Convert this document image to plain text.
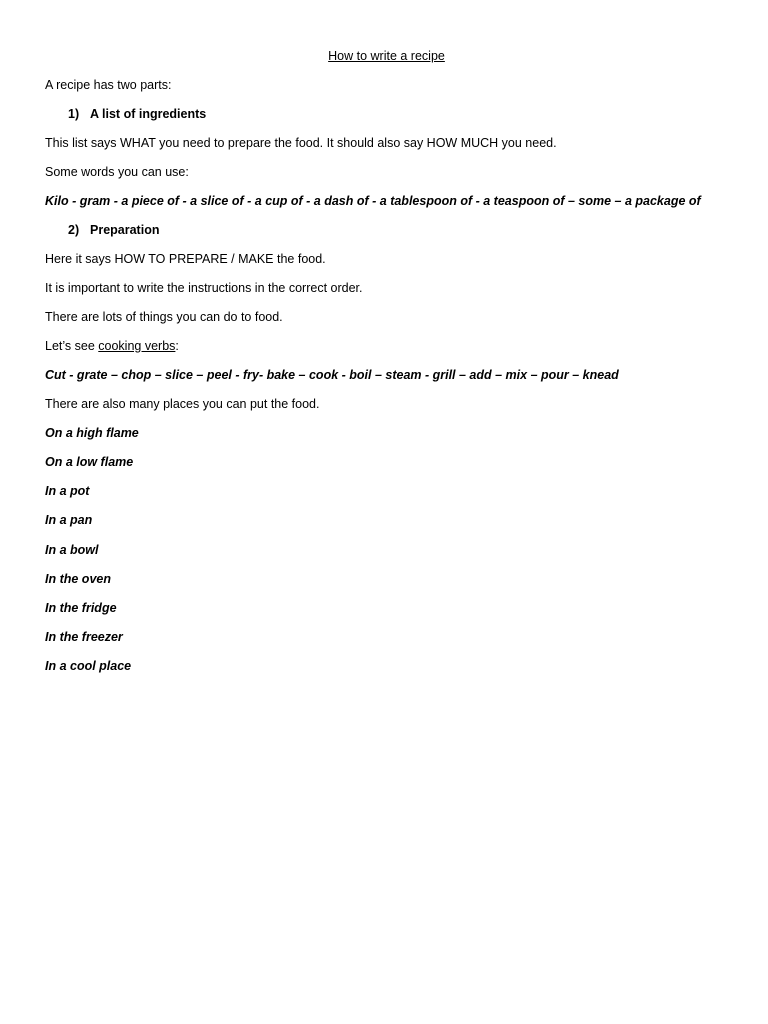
How to write a recipe
A recipe has two parts:
1) A list of ingredients
This list says WHAT you need to prepare the food. It should also say HOW MUCH you need.
Some words you can use:
Kilo - gram - a piece of - a slice of - a cup of - a dash of - a tablespoon of - a teaspoon of – some – a package of
2) Preparation
Here it says HOW TO PREPARE / MAKE the food.
It is important to write the instructions in the correct order.
There are lots of things you can do to food.
Let’s see cooking verbs:
Cut - grate – chop – slice – peel - fry- bake – cook - boil – steam - grill – add – mix – pour – knead
There are also many places you can put the food.
On a high flame
On a low flame
In a pot
In a pan
In a bowl
In the oven
In the fridge
In the freezer
In a cool place
